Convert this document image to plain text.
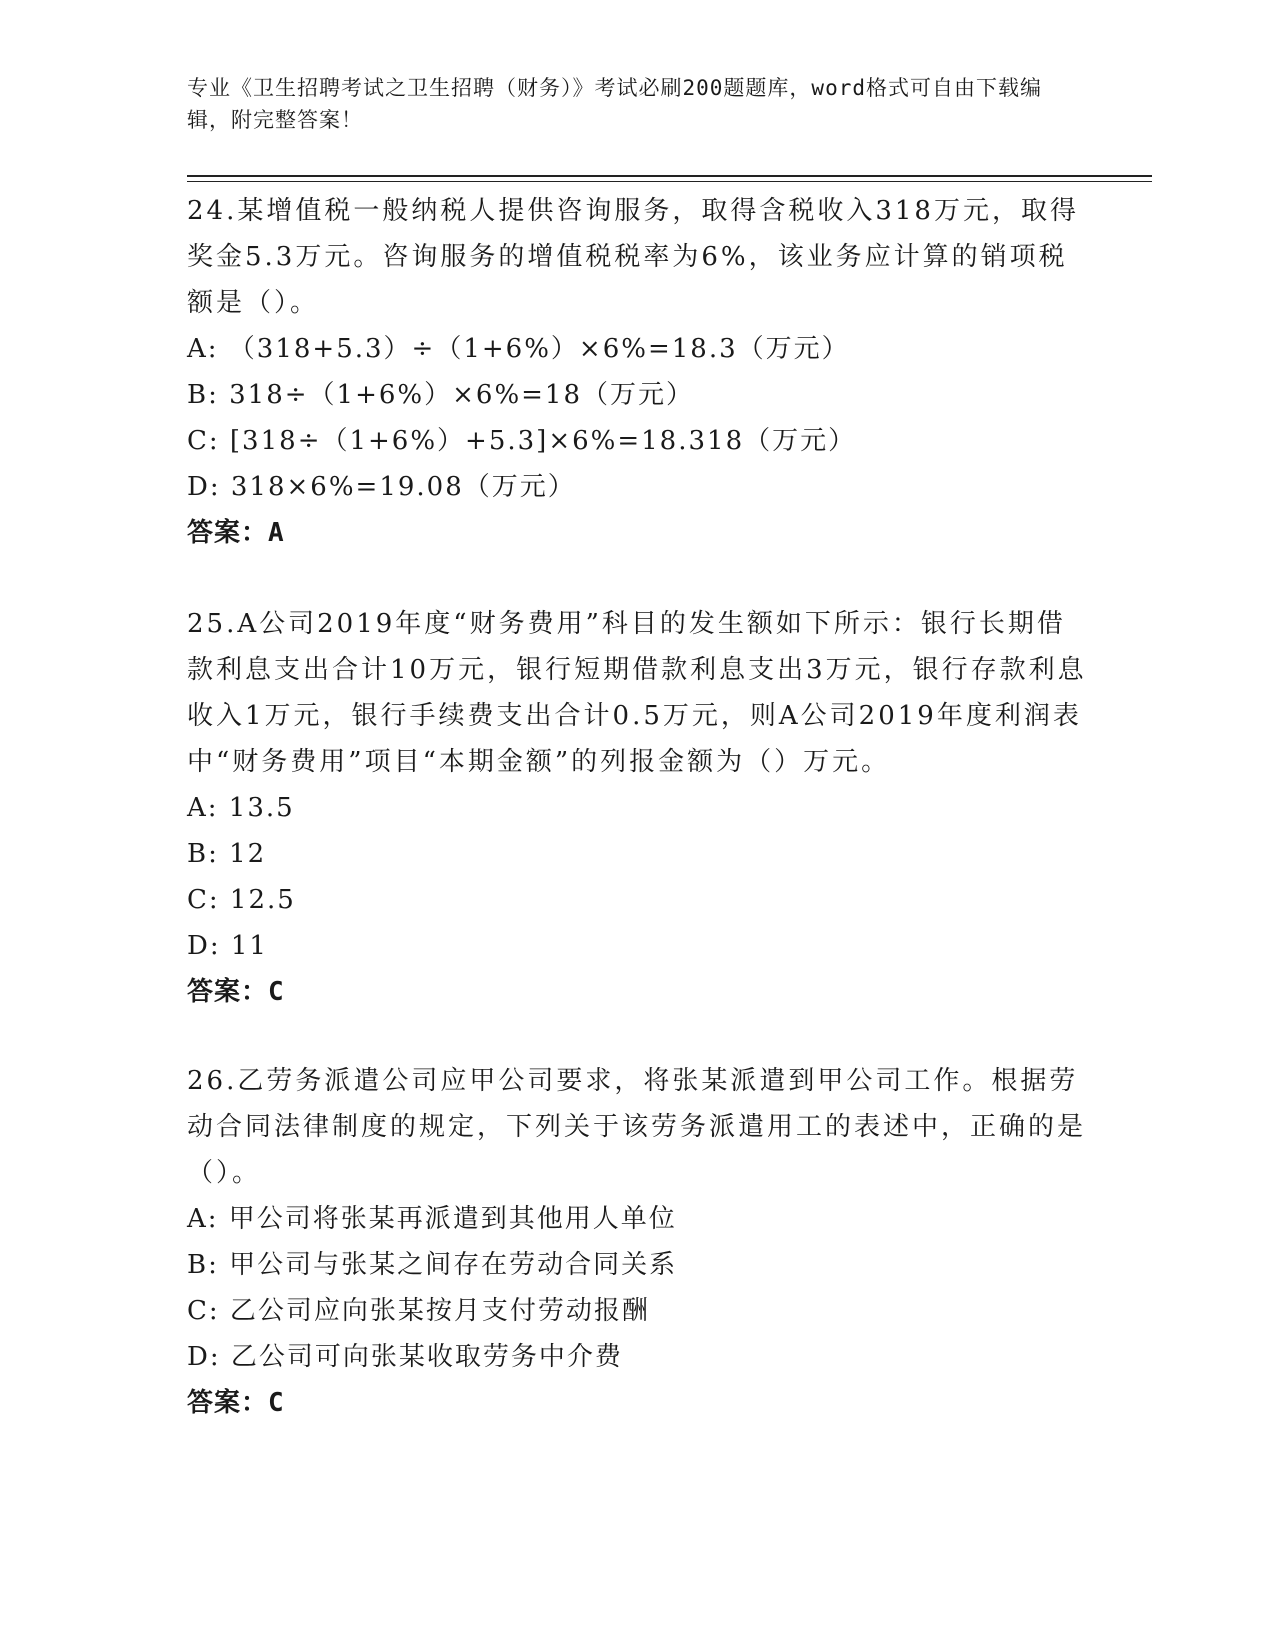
专业《卫生招聘考试之卫生招聘（财务）》考试必刷200题题库，word格式可自由下载编辑，附完整答案！

24.某增值税一般纳税人提供咨询服务，取得含税收入318万元，取得奖金5.3万元。咨询服务的增值税税率为6%，该业务应计算的销项税额是（）。

A: （318+5.3）÷（1+6%）×6%=18.3（万元）
B: 318÷（1+6%）×6%=18（万元）
C: [318÷（1+6%）+5.3]×6%=18.318（万元）
D: 318×6%=19.08（万元）
答案：A

25.A公司2019年度“财务费用”科目的发生额如下所示：银行长期借款利息支出合计10万元，银行短期借款利息支出3万元，银行存款利息收入1万元，银行手续费支出合计0.5万元，则A公司2019年度利润表中“财务费用”项目“本期金额”的列报金额为（）万元。

A: 13.5
B: 12
C: 12.5
D: 11
答案：C

26.乙劳务派遣公司应甲公司要求，将张某派遣到甲公司工作。根据劳动合同法律制度的规定，下列关于该劳务派遣用工的表述中，正确的是（）。

A: 甲公司将张某再派遣到其他用人单位
B: 甲公司与张某之间存在劳动合同关系
C: 乙公司应向张某按月支付劳动报酬
D: 乙公司可向张某收取劳务中介费
答案：C
